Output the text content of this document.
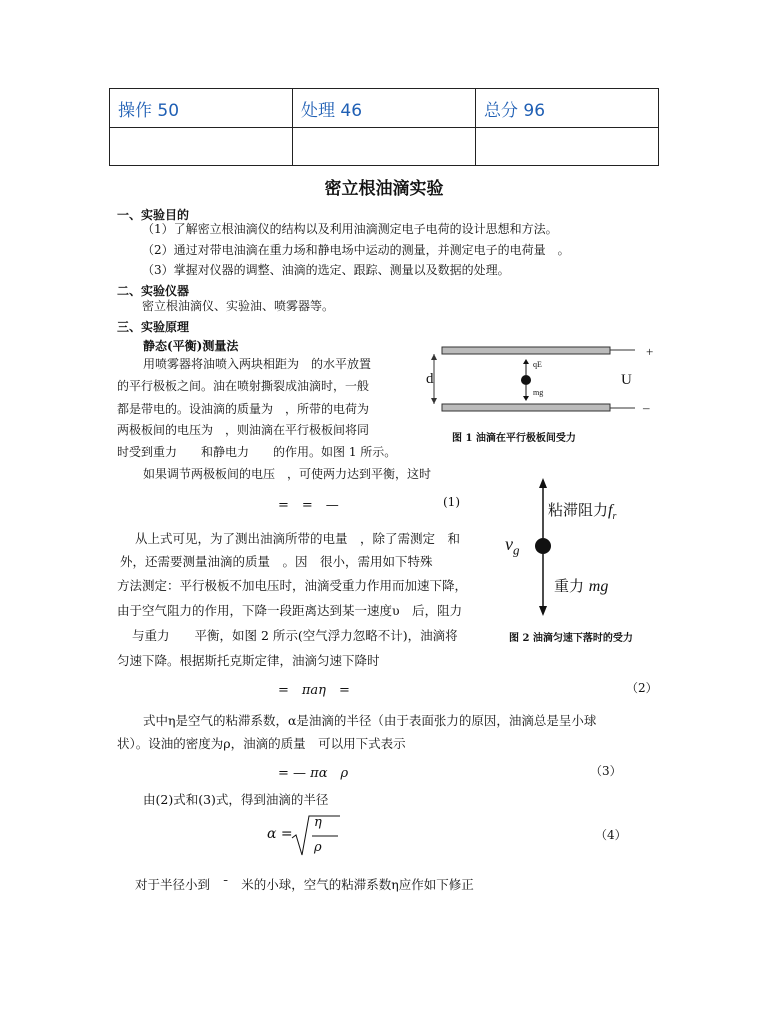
操作 50	处理 46	总分 96

密立根油滴实验
一、实验目的
（1）了解密立根油滴仪的结构以及利用油滴测定电子电荷的设计思想和方法。
（2）通过对带电油滴在重力场和静电场中运动的测量，并测定电子的电荷量　。
（3）掌握对仪器的调整、油滴的选定、跟踪、测量以及数据的处理。
二、实验仪器
密立根油滴仪、实验油、喷雾器等。
三、实验原理
静态(平衡)测量法
用喷雾器将油喷入两块相距为　的水平放置
的平行极板之间。油在喷射撕裂成油滴时，一般
都是带电的。设油滴的质量为　，所带的电荷为
两极板间的电压为　，则油滴在平行极板间将同
时受到重力　　和静电力　　的作用。如图 1 所示。
如果调节两极板间的电压　，可使两力达到平衡，这时
+
–
d	U
qE
mg
图 1 油滴在平行极板间受力
=　=　—	(1)
从上式可见，为了测出油滴所带的电量　，除了需测定　和
外，还需要测量油滴的质量　。因　很小，需用如下特殊
方法测定：平行极板不加电压时，油滴受重力作用而加速下降，
由于空气阻力的作用，下降一段距离达到某一速度υ　后，阻力
与重力　　平衡，如图 2 所示(空气浮力忽略不计)，油滴将
匀速下降。根据斯托克斯定律，油滴匀速下降时
粘滞阻力$f_r$
$v_g$
重力 mg
图 2 油滴匀速下落时的受力
=　πaη　=	（2）
式中η是空气的粘滞系数，α是油滴的半径（由于表面张力的原因，油滴总是呈小球
状）。设油的密度为ρ，油滴的质量　可以用下式表示
= — πα　ρ	（3）
由(2)式和(3)式，得到油滴的半径
α =
η
ρ
（4）
对于半径小到　¯　米的小球，空气的粘滞系数η应作如下修正
